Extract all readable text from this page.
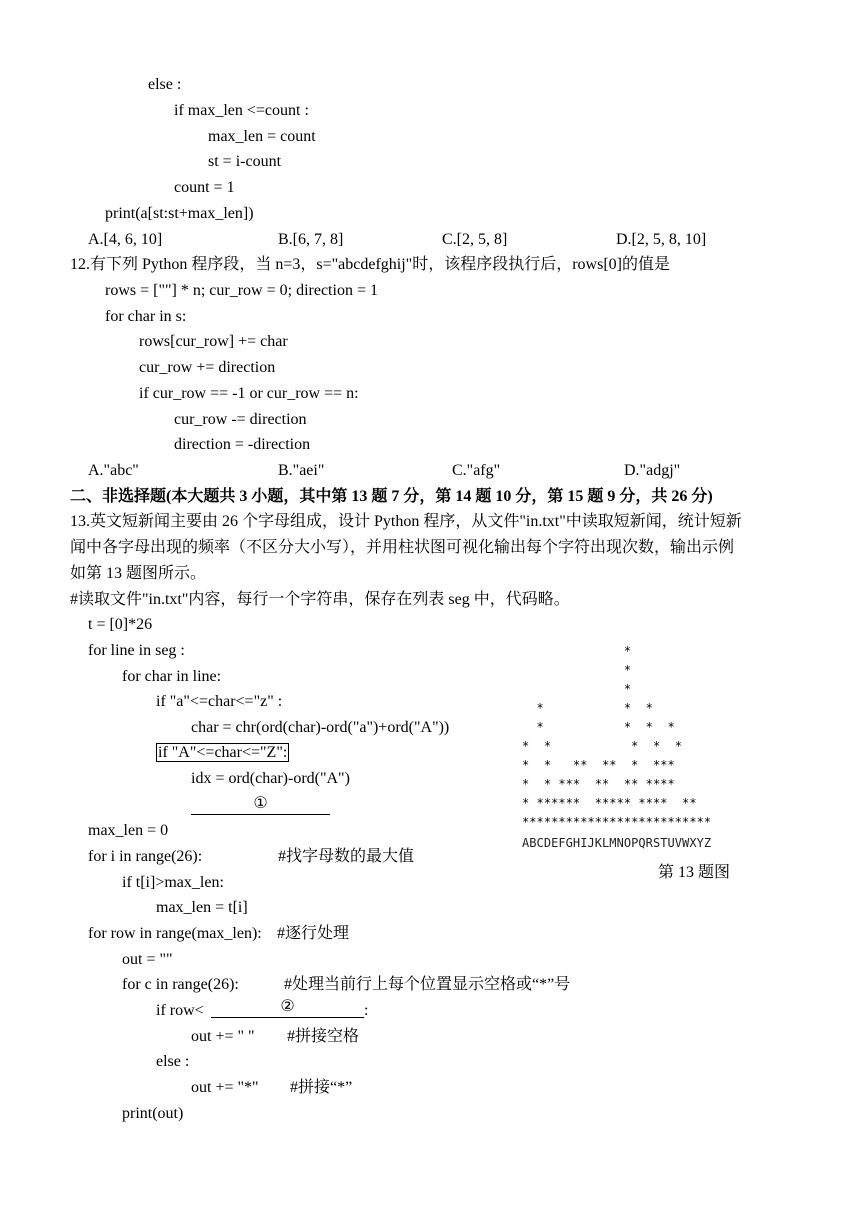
else :
if max_len <=count :
max_len = count
st = i-count
count = 1
print(a[st:st+max_len])
A.[4, 6, 10]	B.[6, 7, 8]	C.[2, 5, 8]	D.[2, 5, 8, 10]
12.有下列 Python 程序段，当 n=3，s="abcdefghij"时，该程序段执行后，rows[0]的值是
rows = [""] * n; cur_row = 0; direction = 1
for char in s:
rows[cur_row] += char
cur_row += direction
if cur_row == -1 or cur_row == n:
cur_row -= direction
direction = -direction
A."abc"	B."aei"	C."afg"	D."adgj"
二、非选择题(本大题共 3 小题，其中第 13 题 7 分，第 14 题 10 分，第 15 题 9 分，共 26 分)
13.英文短新闻主要由 26 个字母组成，设计 Python 程序，从文件"in.txt"中读取短新闻，统计短新
闻中各字母出现的频率（不区分大小写），并用柱状图可视化输出每个字符出现次数，输出示例
如第 13 题图所示。
#读取文件"in.txt"内容，每行一个字符串，保存在列表 seg 中，代码略。
t = [0]*26
for line in seg :
for char in line:
if "a"<=char<="z" :
char = chr(ord(char)-ord("a")+ord("A"))
if "A"<=char<="Z":
idx = ord(char)-ord("A")
①
max_len = 0
for i in range(26):	#找字母数的最大值
if t[i]>max_len:
max_len = t[i]
for row in range(max_len): #逐行处理
out = ""
for c in range(26):	#处理当前行上每个位置显示空格或“*”号
if row<	②	:
out += " " #拼接空格
else :
out += "*" #拼接“*”
print(out)
*
*
*
*           *  *
*           *  *  *
*  *           *  *  *
*  *   **  **  *  ***
*  * ***  **  ** ****
* ******  ***** ****  **
**************************
ABCDEFGHIJKLMNOPQRSTUVWXYZ
第 13 题图
